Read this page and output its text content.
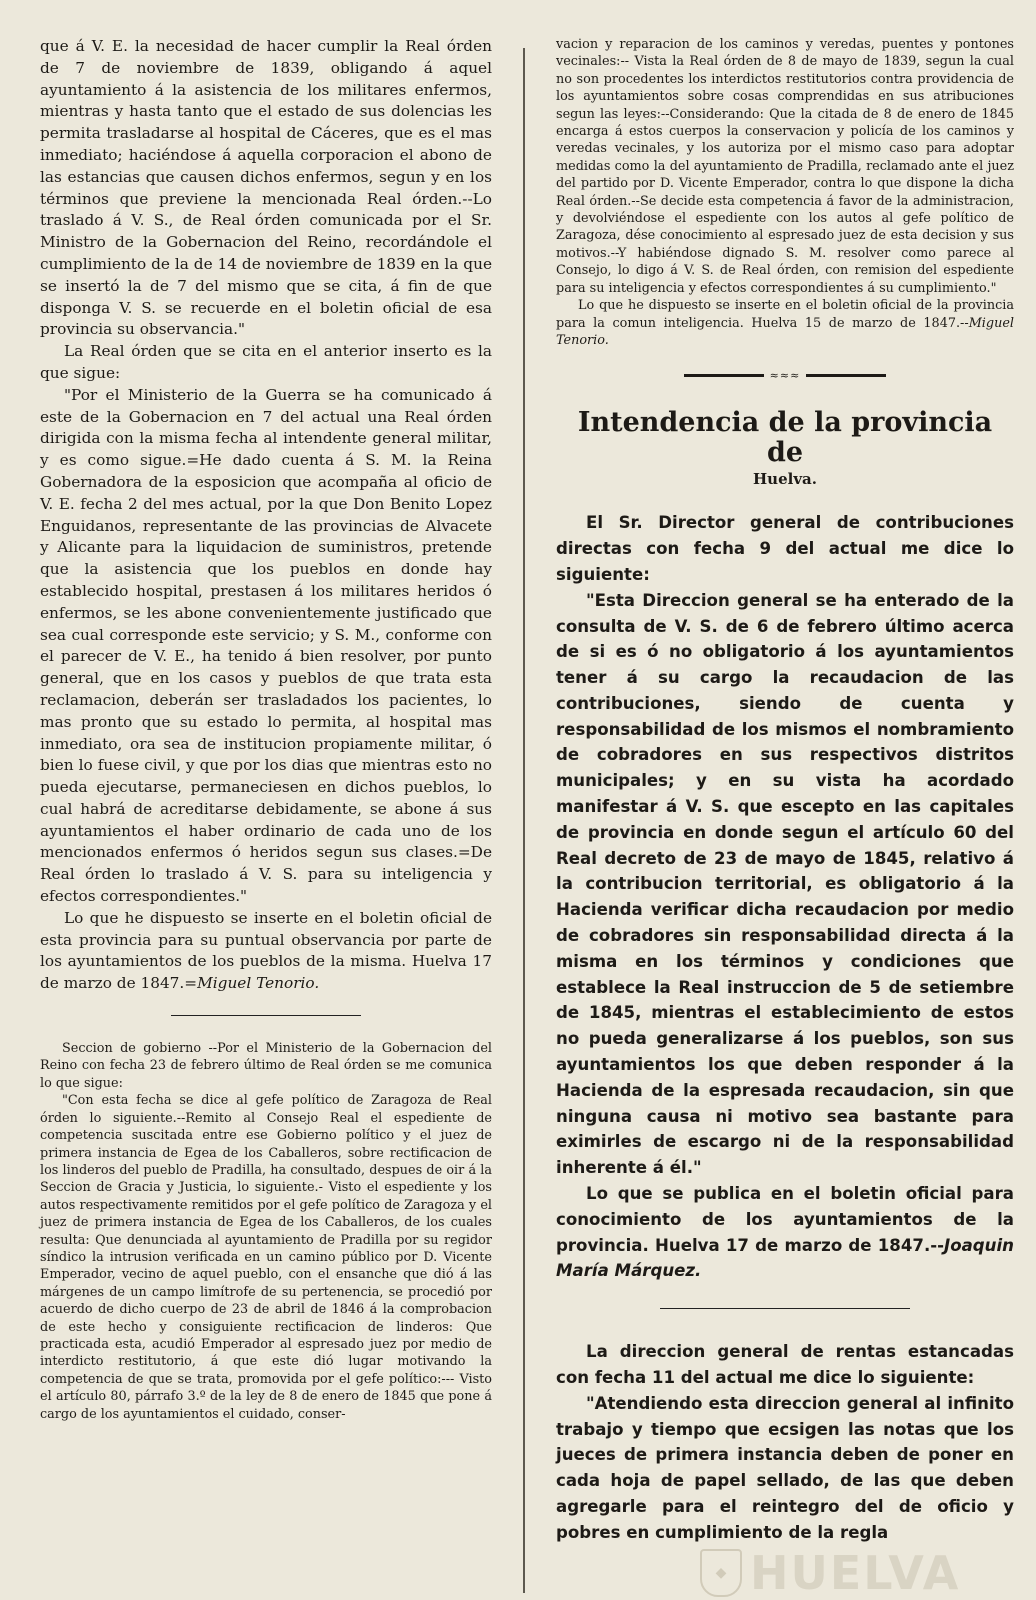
que á V. E. la necesidad de hacer cumplir la Real órden de 7 de noviembre de 1839, obligando á aquel ayuntamiento á la asistencia de los militares enfermos, mientras y hasta tanto que el estado de sus dolencias les permita trasladarse al hospital de Cáceres, que es el mas inmediato; haciéndose á aquella corporacion el abono de las estancias que causen dichos enfermos, segun y en los términos que previene la mencionada Real órden.--Lo traslado á V. S., de Real órden comunicada por el Sr. Ministro de la Gobernacion del Reino, recordándole el cumplimiento de la de 14 de noviembre de 1839 en la que se insertó la de 7 del mismo que se cita, á fin de que disponga V. S. se recuerde en el boletin oficial de esa provincia su observancia."

La Real órden que se cita en el anterior inserto es la que sigue:

"Por el Ministerio de la Guerra se ha comunicado á este de la Gobernacion en 7 del actual una Real órden dirigida con la misma fecha al intendente general militar, y es como sigue.=He dado cuenta á S. M. la Reina Gobernadora de la esposicion que acompaña al oficio de V. E. fecha 2 del mes actual, por la que Don Benito Lopez Enguidanos, representante de las provincias de Alvacete y Alicante para la liquidacion de suministros, pretende que la asistencia que los pueblos en donde hay establecido hospital, prestasen á los militares heridos ó enfermos, se les abone convenientemente justificado que sea cual corresponde este servicio; y S. M., conforme con el parecer de V. E., ha tenido á bien resolver, por punto general, que en los casos y pueblos de que trata esta reclamacion, deberán ser trasladados los pacientes, lo mas pronto que su estado lo permita, al hospital mas inmediato, ora sea de institucion propiamente militar, ó bien lo fuese civil, y que por los dias que mientras esto no pueda ejecutarse, permaneciesen en dichos pueblos, lo cual habrá de acreditarse debidamente, se abone á sus ayuntamientos el haber ordinario de cada uno de los mencionados enfermos ó heridos segun sus clases.=De Real órden lo traslado á V. S. para su inteligencia y efectos correspondientes."

Lo que he dispuesto se inserte en el boletin oficial de esta provincia para su puntual observancia por parte de los ayuntamientos de los pueblos de la misma. Huelva 17 de marzo de 1847.=Miguel Tenorio.

Seccion de gobierno --Por el Ministerio de la Gobernacion del Reino con fecha 23 de febrero último de Real órden se me comunica lo que sigue:

"Con esta fecha se dice al gefe político de Zaragoza de Real órden lo siguiente.--Remito al Consejo Real el espediente de competencia suscitada entre ese Gobierno político y el juez de primera instancia de Egea de los Caballeros, sobre rectificacion de los linderos del pueblo de Pradilla, ha consultado, despues de oir á la Seccion de Gracia y Justicia, lo siguiente.- Visto el espediente y los autos respectivamente remitidos por el gefe político de Zaragoza y el juez de primera instancia de Egea de los Caballeros, de los cuales resulta: Que denunciada al ayuntamiento de Pradilla por su regidor síndico la intrusion verificada en un camino público por D. Vicente Emperador, vecino de aquel pueblo, con el ensanche que dió á las márgenes de un campo limítrofe de su pertenencia, se procedió por acuerdo de dicho cuerpo de 23 de abril de 1846 á la comprobacion de este hecho y consiguiente rectificacion de linderos: Que practicada esta, acudió Emperador al espresado juez por medio de interdicto restitutorio, á que este dió lugar motivando la competencia de que se trata, promovida por el gefe político:--- Visto el artículo 80, párrafo 3.º de la ley de 8 de enero de 1845 que pone á cargo de los ayuntamientos el cuidado, conser-

vacion y reparacion de los caminos y veredas, puentes y pontones vecinales:-- Vista la Real órden de 8 de mayo de 1839, segun la cual no son procedentes los interdictos restitutorios contra providencia de los ayuntamientos sobre cosas comprendidas en sus atribuciones segun las leyes:--Considerando: Que la citada de 8 de enero de 1845 encarga á estos cuerpos la conservacion y policía de los caminos y veredas vecinales, y los autoriza por el mismo caso para adoptar medidas como la del ayuntamiento de Pradilla, reclamado ante el juez del partido por D. Vicente Emperador, contra lo que dispone la dicha Real órden.--Se decide esta competencia á favor de la administracion, y devolviéndose el espediente con los autos al gefe político de Zaragoza, dése conocimiento al espresado juez de esta decision y sus motivos.--Y habiéndose dignado S. M. resolver como parece al Consejo, lo digo á V. S. de Real órden, con remision del espediente para su inteligencia y efectos correspondientes á su cumplimiento."

Lo que he dispuesto se inserte en el boletin oficial de la provincia para la comun inteligencia. Huelva 15 de marzo de 1847.--Miguel Tenorio.

≈≈≈
Intendencia de la provincia de
Huelva.

El Sr. Director general de contribuciones directas con fecha 9 del actual me dice lo siguiente:

"Esta Direccion general se ha enterado de la consulta de V. S. de 6 de febrero último acerca de si es ó no obligatorio á los ayuntamientos tener á su cargo la recaudacion de las contribuciones, siendo de cuenta y responsabilidad de los mismos el nombramiento de cobradores en sus respectivos distritos municipales; y en su vista ha acordado manifestar á V. S. que escepto en las capitales de provincia en donde segun el artículo 60 del Real decreto de 23 de mayo de 1845, relativo á la contribucion territorial, es obligatorio á la Hacienda verificar dicha recaudacion por medio de cobradores sin responsabilidad directa á la misma en los términos y condiciones que establece la Real instruccion de 5 de setiembre de 1845, mientras el establecimiento de estos no pueda generalizarse á los pueblos, son sus ayuntamientos los que deben responder á la Hacienda de la espresada recaudacion, sin que ninguna causa ni motivo sea bastante para eximirles de escargo ni de la responsabilidad inherente á él."

Lo que se publica en el boletin oficial para conocimiento de los ayuntamientos de la provincia. Huelva 17 de marzo de 1847.--Joaquin María Márquez.

La direccion general de rentas estancadas con fecha 11 del actual me dice lo siguiente:

"Atendiendo esta direccion general al infinito trabajo y tiempo que ecsigen las notas que los jueces de primera instancia deben de poner en cada hoja de papel sellado, de las que deben agregarle para el reintegro del de oficio y pobres en cumplimiento de la regla

◆ HUELVA
